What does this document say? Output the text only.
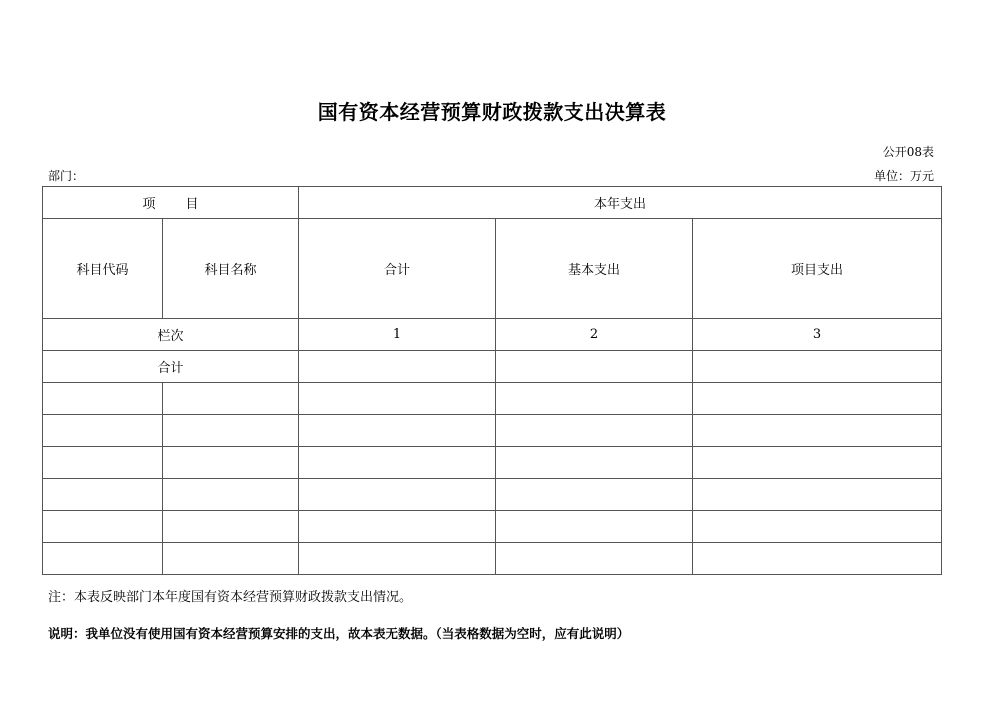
国有资本经营预算财政拨款支出决算表
公开08表
部门：	单位：万元
项 目		本年支出		
科目代码	科目名称	合计	基本支出	项目支出
栏次		1	2	3
合计				

注：本表反映部门本年度国有资本经营预算财政拨款支出情况。
说明：我单位没有使用国有资本经营预算安排的支出，故本表无数据。（当表格数据为空时，应有此说明）
